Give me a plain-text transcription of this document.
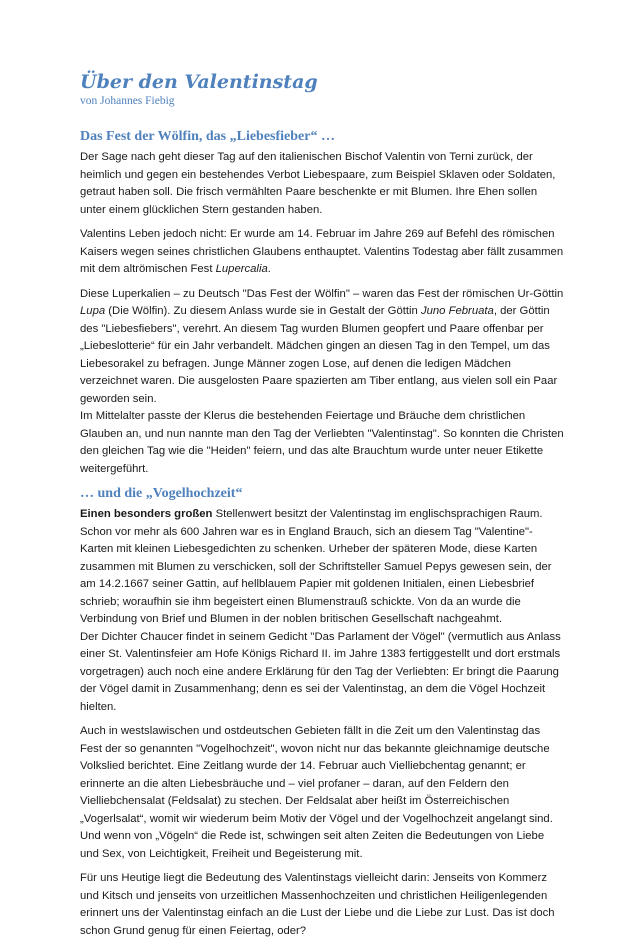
Über den Valentinstag
von Johannes Fiebig
Das Fest der Wölfin, das „Liebesfieber“ …

Der Sage nach geht dieser Tag auf den italienischen Bischof Valentin von Terni zurück, der heimlich und gegen ein bestehendes Verbot Liebespaare, zum Beispiel Sklaven oder Soldaten, getraut haben soll. Die frisch vermählten Paare beschenkte er mit Blumen. Ihre Ehen sollen unter einem glücklichen Stern gestanden haben.

Valentins Leben jedoch nicht: Er wurde am 14. Februar im Jahre 269 auf Befehl des römischen Kaisers wegen seines christlichen Glaubens enthauptet. Valentins Todestag aber fällt zusammen mit dem altrömischen Fest Lupercalia.

Diese Luperkalien – zu Deutsch "Das Fest der Wölfin" – waren das Fest der römischen Ur-Göttin Lupa (Die Wölfin). Zu diesem Anlass wurde sie in Gestalt der Göttin Juno Februata, der Göttin des "Liebesfiebers", verehrt. An diesem Tag wurden Blumen geopfert und Paare offenbar per „Liebeslotterie“ für ein Jahr verbandelt. Mädchen gingen an diesen Tag in den Tempel, um das Liebesorakel zu befragen. Junge Männer zogen Lose, auf denen die ledigen Mädchen verzeichnet waren. Die ausgelosten Paare spazierten am Tiber entlang, aus vielen soll ein Paar geworden sein.

Im Mittelalter passte der Klerus die bestehenden Feiertage und Bräuche dem christlichen Glauben an, und nun nannte man den Tag der Verliebten "Valentinstag". So konnten die Christen den gleichen Tag wie die "Heiden" feiern, und das alte Brauchtum wurde unter neuer Etikette weitergeführt.

… und die „Vogelhochzeit“

Einen besonders großen Stellenwert besitzt der Valentinstag im englischsprachigen Raum. Schon vor mehr als 600 Jahren war es in England Brauch, sich an diesem Tag "Valentine"-Karten mit kleinen Liebesgedichten zu schenken. Urheber der späteren Mode, diese Karten zusammen mit Blumen zu verschicken, soll der Schriftsteller Samuel Pepys gewesen sein, der am 14.2.1667 seiner Gattin, auf hellblauem Papier mit goldenen Initialen, einen Liebesbrief schrieb; woraufhin sie ihm begeistert einen Blumenstrauß schickte. Von da an wurde die Verbindung von Brief und Blumen in der noblen britischen Gesellschaft nachgeahmt.

Der Dichter Chaucer findet in seinem Gedicht "Das Parlament der Vögel" (vermutlich aus Anlass einer St. Valentinsfeier am Hofe Königs Richard II. im Jahre 1383 fertiggestellt und dort erstmals vorgetragen) auch noch eine andere Erklärung für den Tag der Verliebten: Er bringt die Paarung der Vögel damit in Zusammenhang; denn es sei der Valentinstag, an dem die Vögel Hochzeit hielten.

Auch in westslawischen und ostdeutschen Gebieten fällt in die Zeit um den Valentinstag das Fest der so genannten "Vogelhochzeit", wovon nicht nur das bekannte gleichnamige deutsche Volkslied berichtet. Eine Zeitlang wurde der 14. Februar auch Vielliebchentag genannt; er erinnerte an die alten Liebesbräuche und – viel profaner – daran, auf den Feldern den Vielliebchensalat (Feldsalat) zu stechen. Der Feldsalat aber heißt im Österreichischen „Vogerlsalat“, womit wir wiederum beim Motiv der Vögel und der Vogelhochzeit angelangt sind. Und wenn von „Vögeln“ die Rede ist, schwingen seit alten Zeiten die Bedeutungen von Liebe und Sex, von Leichtigkeit, Freiheit und Begeisterung mit.

Für uns Heutige liegt die Bedeutung des Valentinstags vielleicht darin: Jenseits von Kommerz und Kitsch und jenseits von urzeitlichen Massenhochzeiten und christlichen Heiligenlegenden erinnert uns der Valentinstag einfach an die Lust der Liebe und die Liebe zur Lust. Das ist doch schon Grund genug für einen Feiertag, oder?
